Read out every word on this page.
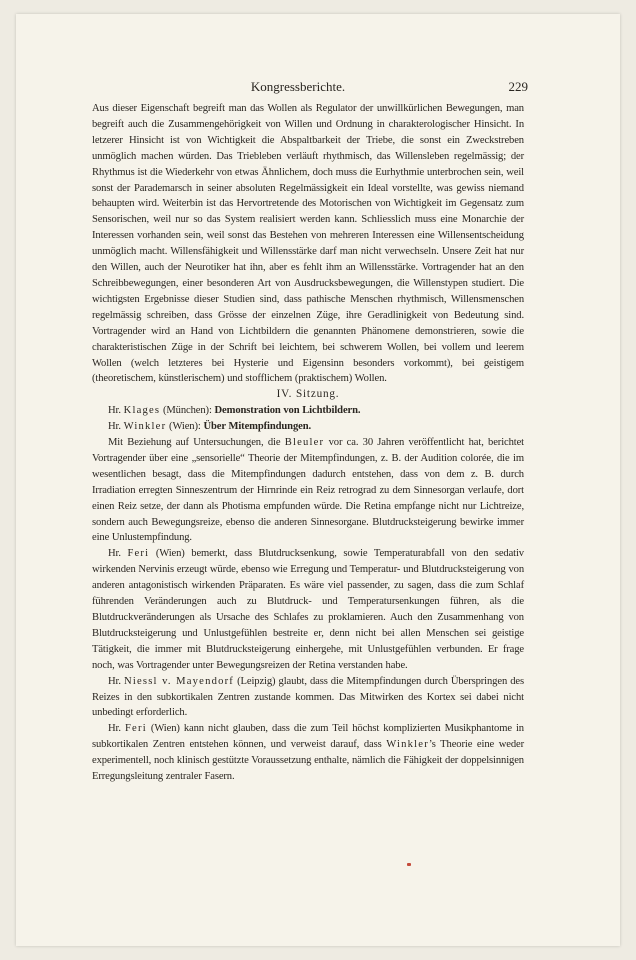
Kongressberichte.	229

Aus dieser Eigenschaft begreift man das Wollen als Regulator der unwillkürlichen Bewegungen, man begreift auch die Zusammengehörigkeit von Willen und Ordnung in charakterologischer Hinsicht. In letzerer Hinsicht ist von Wichtigkeit die Abspaltbarkeit der Triebe, die sonst ein Zweckstreben unmöglich machen würden. Das Triebleben verläuft rhythmisch, das Willensleben regelmässig; der Rhythmus ist die Wiederkehr von etwas Ähnlichem, doch muss die Eurhythmie unterbrochen sein, weil sonst der Parademarsch in seiner absoluten Regelmässigkeit ein Ideal vorstellte, was gewiss niemand behaupten wird. Weiterbin ist das Hervortretende des Motorischen von Wichtigkeit im Gegensatz zum Sensorischen, weil nur so das System realisiert werden kann. Schliesslich muss eine Monarchie der Interessen vorhanden sein, weil sonst das Bestehen von mehreren Interessen eine Willensentscheidung unmöglich macht. Willensfähigkeit und Willensstärke darf man nicht verwechseln. Unsere Zeit hat nur den Willen, auch der Neurotiker hat ihn, aber es fehlt ihm an Willensstärke. Vortragender hat an den Schreibbewegungen, einer besonderen Art von Ausdrucksbewegungen, die Willenstypen studiert. Die wichtigsten Ergebnisse dieser Studien sind, dass pathische Menschen rhythmisch, Willensmenschen regelmässig schreiben, dass Grösse der einzelnen Züge, ihre Geradlinigkeit von Bedeutung sind. Vortragender wird an Hand von Lichtbildern die genannten Phänomene demonstrieren, sowie die charakteristischen Züge in der Schrift bei leichtem, bei schwerem Wollen, bei vollem und leerem Wollen (welch letzteres bei Hysterie und Eigensinn besonders vorkommt), bei geistigem (theoretischem, künstlerischem) und stofflichem (praktischem) Wollen.

IV. Sitzung.

Hr. Klages (München): Demonstration von Lichtbildern.

Hr. Winkler (Wien): Über Mitempfindungen.

Mit Beziehung auf Untersuchungen, die Bleuler vor ca. 30 Jahren veröffentlicht hat, berichtet Vortragender über eine „sensorielle“ Theorie der Mitempfindungen, z. B. der Audition colorée, die im wesentlichen besagt, dass die Mitempfindungen dadurch entstehen, dass von dem z. B. durch Irradiation erregten Sinneszentrum der Hirnrinde ein Reiz retrograd zu dem Sinnesorgan verlaufe, dort einen Reiz setze, der dann als Photisma empfunden würde. Die Retina empfange nicht nur Lichtreize, sondern auch Bewegungsreize, ebenso die anderen Sinnesorgane. Blutdrucksteigerung bewirke immer eine Unlustempfindung.

Hr. Feri (Wien) bemerkt, dass Blutdrucksenkung, sowie Temperaturabfall von den sedativ wirkenden Nervinis erzeugt würde, ebenso wie Erregung und Temperatur- und Blutdrucksteigerung von anderen antagonistisch wirkenden Präparaten. Es wäre viel passender, zu sagen, dass die zum Schlaf führenden Veränderungen auch zu Blutdruck- und Temperatursenkungen führen, als die Blutdruckveränderungen als Ursache des Schlafes zu proklamieren. Auch den Zusammenhang von Blutdrucksteigerung und Unlustgefühlen bestreite er, denn nicht bei allen Menschen sei geistige Tätigkeit, die immer mit Blutdrucksteigerung einhergehe, mit Unlustgefühlen verbunden. Er frage noch, was Vortragender unter Bewegungsreizen der Retina verstanden habe.

Hr. Niessl v. Mayendorf (Leipzig) glaubt, dass die Mitempfindungen durch Überspringen des Reizes in den subkortikalen Zentren zustande kommen. Das Mitwirken des Kortex sei dabei nicht unbedingt erforderlich.

Hr. Feri (Wien) kann nicht glauben, dass die zum Teil höchst komplizierten Musikphantome in subkortikalen Zentren entstehen können, und verweist darauf, dass Winkler’s Theorie eine weder experimentell, noch klinisch gestützte Voraussetzung enthalte, nämlich die Fähigkeit der doppelsinnigen Erregungsleitung zentraler Fasern.
